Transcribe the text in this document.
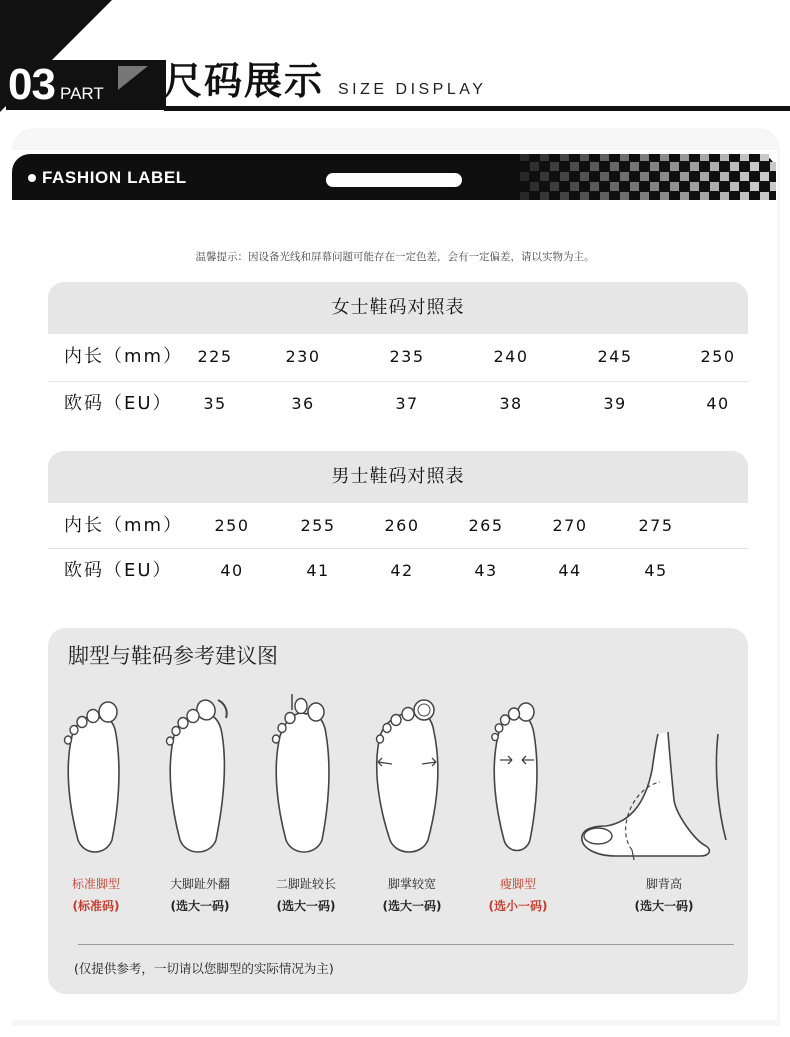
03 PART 尺码展示 SIZE DISPLAY
FASHION LABEL
温馨提示：因设备光线和屏幕问题可能存在一定色差，会有一定偏差，请以实物为主。
女士鞋码对照表
内长（mm） 225	230	235	240	245	250
欧码（EU）	35	36	37	38	39	40
男士鞋码对照表
内长（mm）	250	255	260	265	270	275
欧码（EU）	40	41	42	43	44	45
脚型与鞋码参考建议图
标准脚型
(标准码)
大脚趾外翻
(选大一码)
二脚趾较长
(选大一码)
脚掌较宽
(选大一码)
瘦脚型
(选小一码)
脚背高
(选大一码)
(仅提供参考，一切请以您脚型的实际情况为主)
